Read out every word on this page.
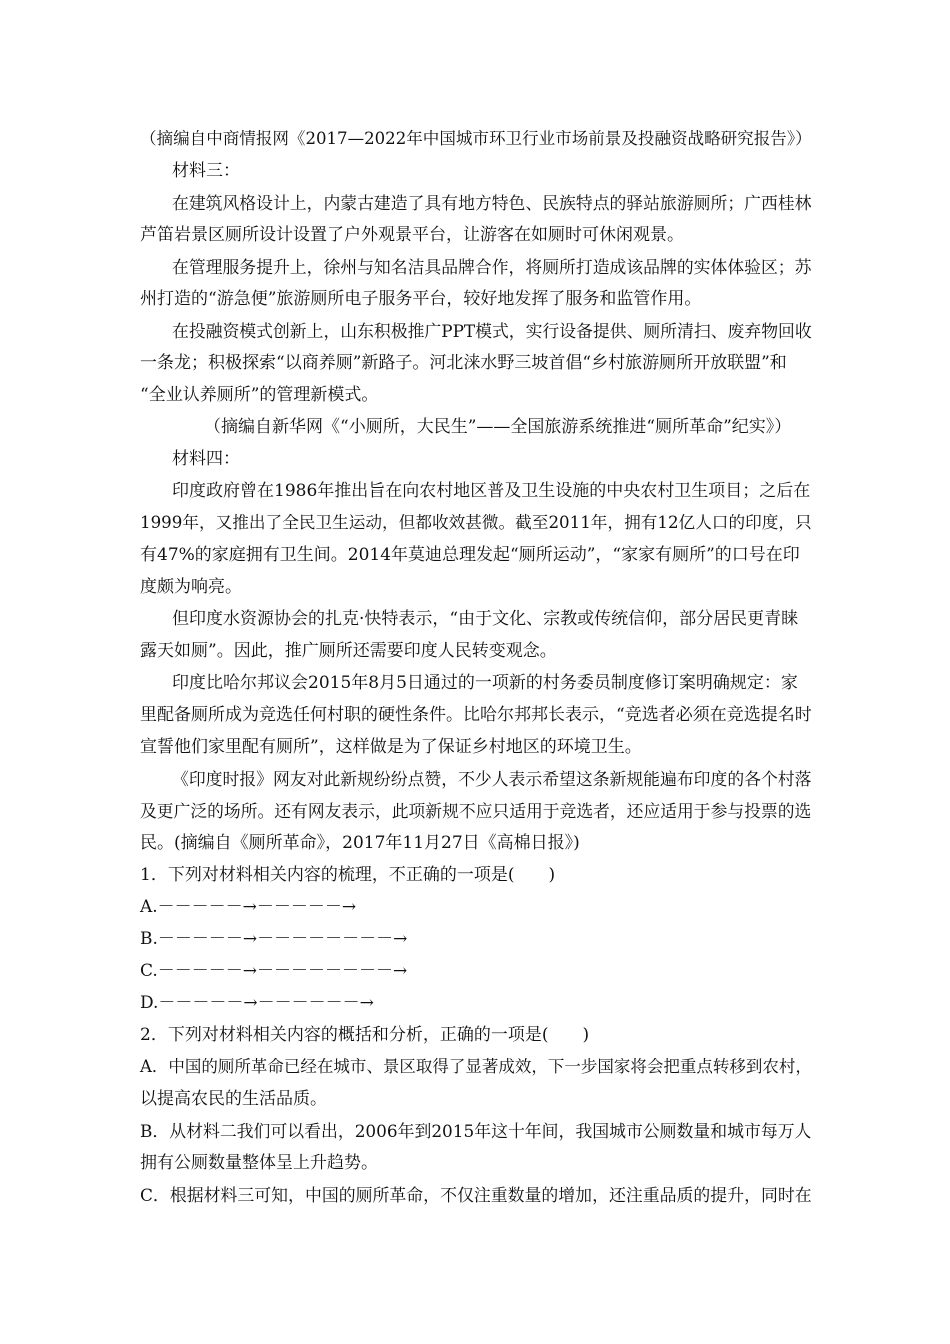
（摘编自中商情报网《2017—2022年中国城市环卫行业市场前景及投融资战略研究报告》）
材料三：
在建筑风格设计上，内蒙古建造了具有地方特色、民族特点的驿站旅游厕所；广西桂林
芦笛岩景区厕所设计设置了户外观景平台，让游客在如厕时可休闲观景。
在管理服务提升上，徐州与知名洁具品牌合作，将厕所打造成该品牌的实体体验区；苏
州打造的“游急便”旅游厕所电子服务平台，较好地发挥了服务和监管作用。
在投融资模式创新上，山东积极推广PPT模式，实行设备提供、厕所清扫、废弃物回收
一条龙；积极探索“以商养厕”新路子。河北涞水野三坡首倡“乡村旅游厕所开放联盟”和
“全业认养厕所”的管理新模式。
（摘编自新华网《“小厕所，大民生”——全国旅游系统推进“厕所革命”纪实》）
材料四：
印度政府曾在1986年推出旨在向农村地区普及卫生设施的中央农村卫生项目；之后在
1999年，又推出了全民卫生运动，但都收效甚微。截至2011年，拥有12亿人口的印度，只
有47%的家庭拥有卫生间。2014年莫迪总理发起“厕所运动”，“家家有厕所”的口号在印
度颇为响亮。
但印度水资源协会的扎克·快特表示，“由于文化、宗教或传统信仰，部分居民更青睐
露天如厕”。因此，推广厕所还需要印度人民转变观念。
印度比哈尔邦议会2015年8月5日通过的一项新的村务委员制度修订案明确规定：家
里配备厕所成为竞选任何村职的硬性条件。比哈尔邦邦长表示，“竞选者必须在竞选提名时
宣誓他们家里配有厕所”，这样做是为了保证乡村地区的环境卫生。
《印度时报》网友对此新规纷纷点赞，不少人表示希望这条新规能遍布印度的各个村落
及更广泛的场所。还有网友表示，此项新规不应只适用于竞选者，还应适用于参与投票的选
民。(摘编自《厕所革命》，2017年11月27日《高棉日报》)
1．下列对材料相关内容的梳理，不正确的一项是(　　)
A.－－－－－→－－－－－→
B.－－－－－→－－－－－－－－→
C.－－－－－→－－－－－－－－→
D.－－－－－→－－－－－－→
2．下列对材料相关内容的概括和分析，正确的一项是(　　)
A．中国的厕所革命已经在城市、景区取得了显著成效，下一步国家将会把重点转移到农村，
以提高农民的生活品质。
B．从材料二我们可以看出，2006年到2015年这十年间，我国城市公厕数量和城市每万人
拥有公厕数量整体呈上升趋势。
C．根据材料三可知，中国的厕所革命，不仅注重数量的增加，还注重品质的提升，同时在
